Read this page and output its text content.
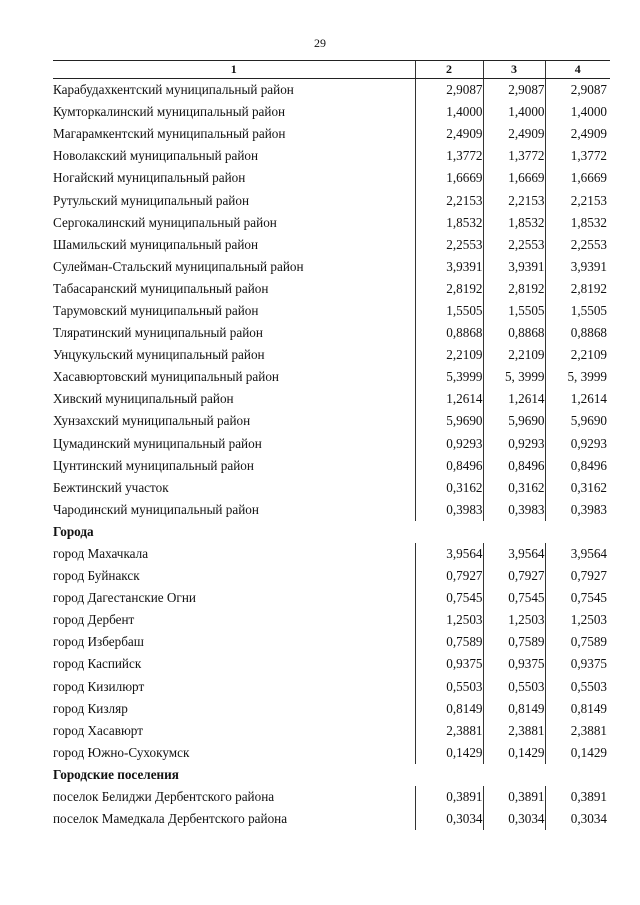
29
1	2	3	4
Карабудахкентский муниципальный район	2,9087	2,9087	2,9087
Кумторкалинский муниципальный район	1,4000	1,4000	1,4000
Магарамкентский муниципальный район	2,4909	2,4909	2,4909
Новолакский муниципальный район	1,3772	1,3772	1,3772
Ногайский муниципальный район	1,6669	1,6669	1,6669
Рутульский муниципальный район	2,2153	2,2153	2,2153
Сергокалинский муниципальный район	1,8532	1,8532	1,8532
Шамильский муниципальный район	2,2553	2,2553	2,2553
Сулейман-Стальский муниципальный район	3,9391	3,9391	3,9391
Табасаранский муниципальный район	2,8192	2,8192	2,8192
Тарумовский муниципальный район	1,5505	1,5505	1,5505
Тляратинский муниципальный район	0,8868	0,8868	0,8868
Унцукульский муниципальный район	2,2109	2,2109	2,2109
Хасавюртовский муниципальный район	5,3999	5, 3999	5, 3999
Хивский муниципальный район	1,2614	1,2614	1,2614
Хунзахский муниципальный район	5,9690	5,9690	5,9690
Цумадинский муниципальный район	0,9293	0,9293	0,9293
Цунтинский муниципальный район	0,8496	0,8496	0,8496
Бежтинский участок	0,3162	0,3162	0,3162
Чародинский муниципальный район	0,3983	0,3983	0,3983
Города			
город Махачкала	3,9564	3,9564	3,9564
город Буйнакск	0,7927	0,7927	0,7927
город Дагестанские Огни	0,7545	0,7545	0,7545
город Дербент	1,2503	1,2503	1,2503
город Избербаш	0,7589	0,7589	0,7589
город Каспийск	0,9375	0,9375	0,9375
город Кизилюрт	0,5503	0,5503	0,5503
город Кизляр	0,8149	0,8149	0,8149
город Хасавюрт	2,3881	2,3881	2,3881
город Южно-Сухокумск	0,1429	0,1429	0,1429
Городские поселения			
поселок Белиджи Дербентского района	0,3891	0,3891	0,3891
поселок Мамедкала Дербентского района	0,3034	0,3034	0,3034
